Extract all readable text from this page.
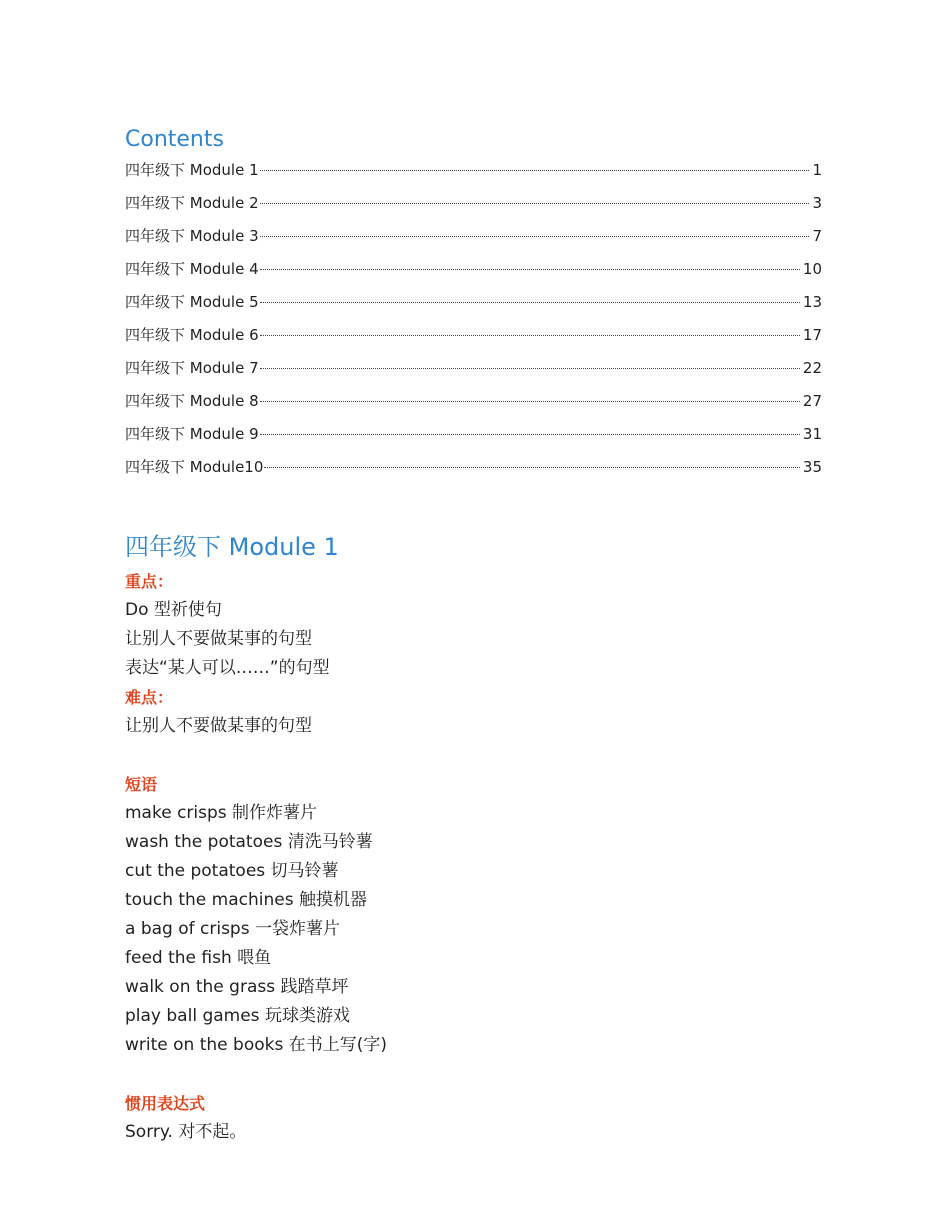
Contents
四年级下 Module 1	1
四年级下 Module 2	3
四年级下 Module 3	7
四年级下 Module 4	10
四年级下 Module 5	13
四年级下 Module 6	17
四年级下 Module 7	22
四年级下 Module 8	27
四年级下 Module 9	31
四年级下 Module10	35
四年级下 Module 1

重点：

Do 型祈使句

让别人不要做某事的句型

表达“某人可以……”的句型

难点：

让别人不要做某事的句型

短语

make crisps 制作炸薯片

wash the potatoes 清洗马铃薯

cut the potatoes 切马铃薯

touch the machines 触摸机器

a bag of crisps 一袋炸薯片

feed the fish 喂鱼

walk on the grass 践踏草坪

play ball games 玩球类游戏

write on the books 在书上写(字)

惯用表达式

Sorry. 对不起。
